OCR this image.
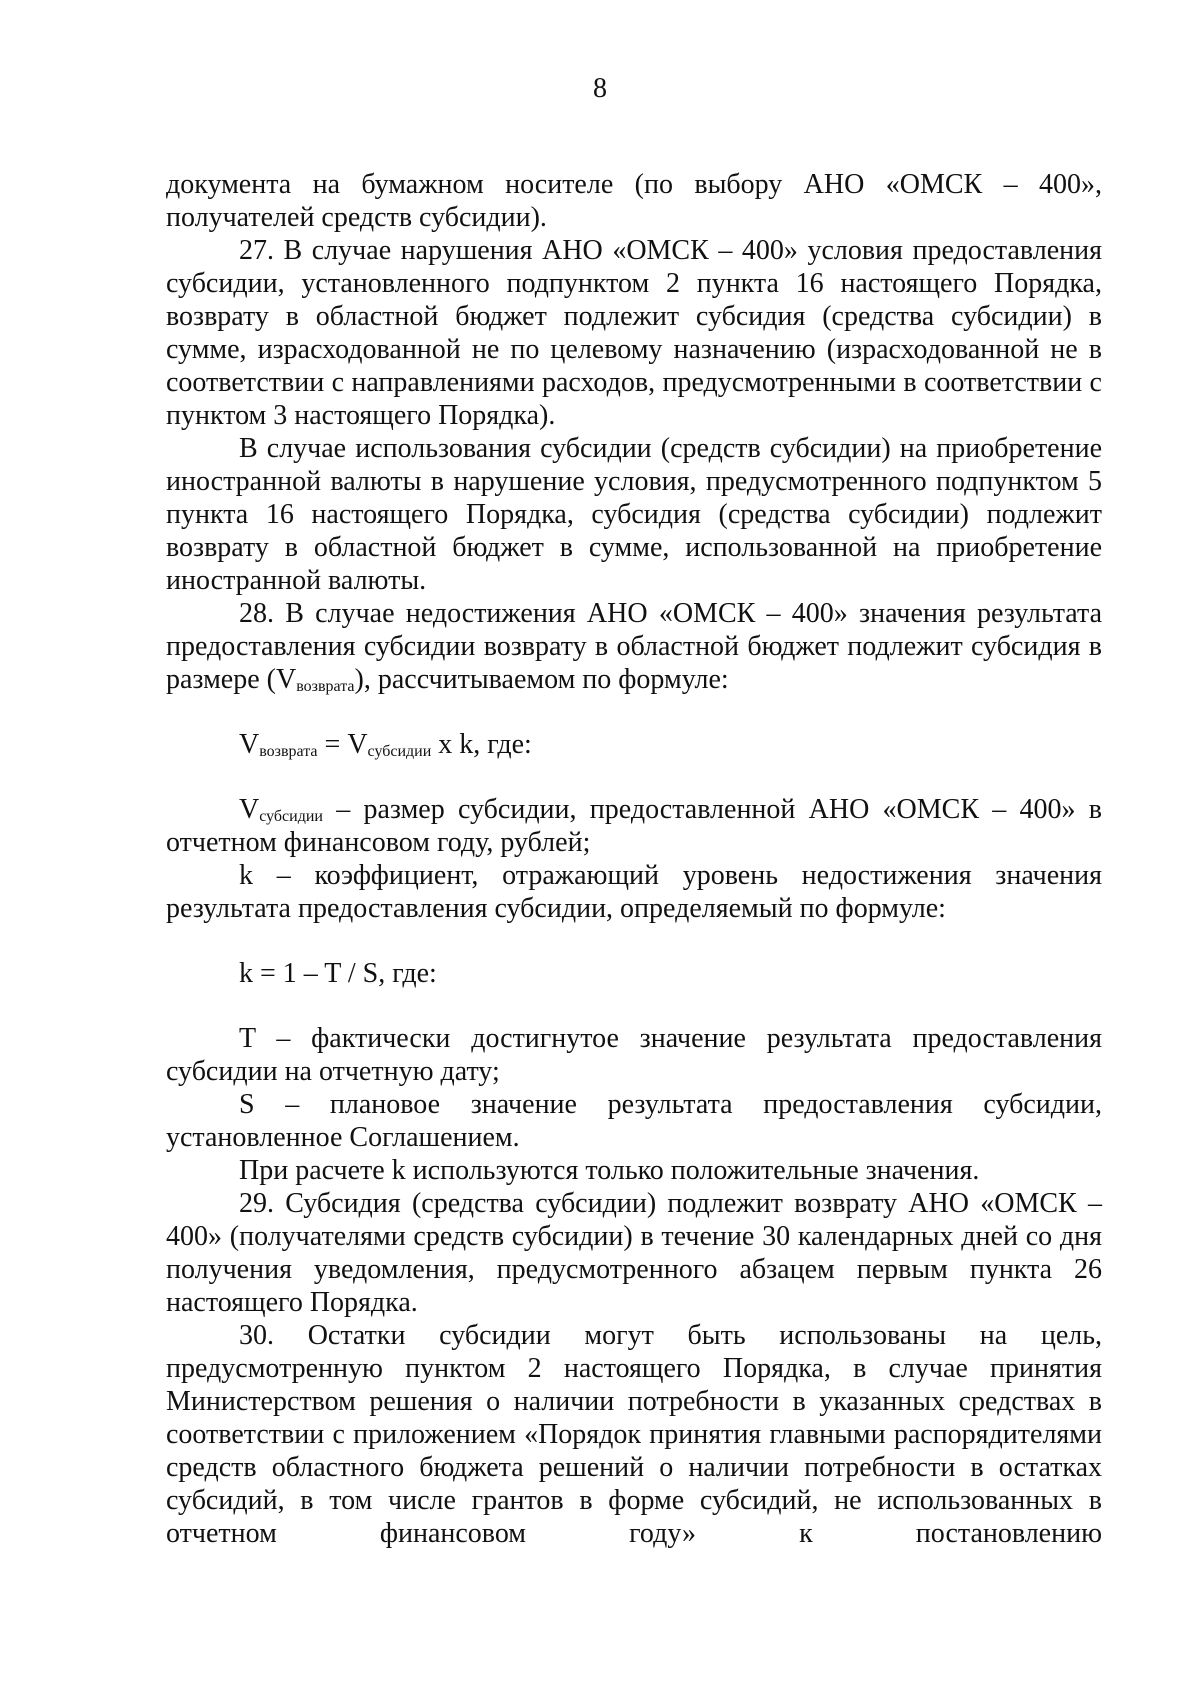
8

документа на бумажном носителе (по выбору АНО «ОМСК – 400», получателей средств субсидии).

27. В случае нарушения АНО «ОМСК – 400» условия предоставления субсидии, установленного подпунктом 2 пункта 16 настоящего Порядка, возврату в областной бюджет подлежит субсидия (средства субсидии) в сумме, израсходованной не по целевому назначению (израсходованной не в соответствии с направлениями расходов, предусмотренными в соответствии с пунктом 3 настоящего Порядка).

В случае использования субсидии (средств субсидии) на приобретение иностранной валюты в нарушение условия, предусмотренного подпунктом 5 пункта 16 настоящего Порядка, субсидия (средства субсидии) подлежит возврату в областной бюджет в сумме, использованной на приобретение иностранной валюты.

28. В случае недостижения АНО «ОМСК – 400» значения результата предоставления субсидии возврату в областной бюджет подлежит субсидия в размере $(V_{возврата})$, рассчитываемом по формуле:

$V_{возврата} = V_{субсидии}$ x k, где:

$V_{субсидии}$ – размер субсидии, предоставленной АНО «ОМСК – 400» в отчетном финансовом году, рублей;

k – коэффициент, отражающий уровень недостижения значения результата предоставления субсидии, определяемый по формуле:

k = 1 – T / S, где:

T – фактически достигнутое значение результата предоставления субсидии на отчетную дату;

S – плановое значение результата предоставления субсидии, установленное Соглашением.

При расчете k используются только положительные значения.

29. Субсидия (средства субсидии) подлежит возврату АНО «ОМСК – 400» (получателями средств субсидии) в течение 30 календарных дней со дня получения уведомления, предусмотренного абзацем первым пункта 26 настоящего Порядка.

30. Остатки субсидии могут быть использованы на цель, предусмотренную пунктом 2 настоящего Порядка, в случае принятия Министерством решения о наличии потребности в указанных средствах в соответствии с приложением «Порядок принятия главными распорядителями средств областного бюджета решений о наличии потребности в остатках субсидий, в том числе грантов в форме субсидий, не использованных в отчетном финансовом году» к постановлению
